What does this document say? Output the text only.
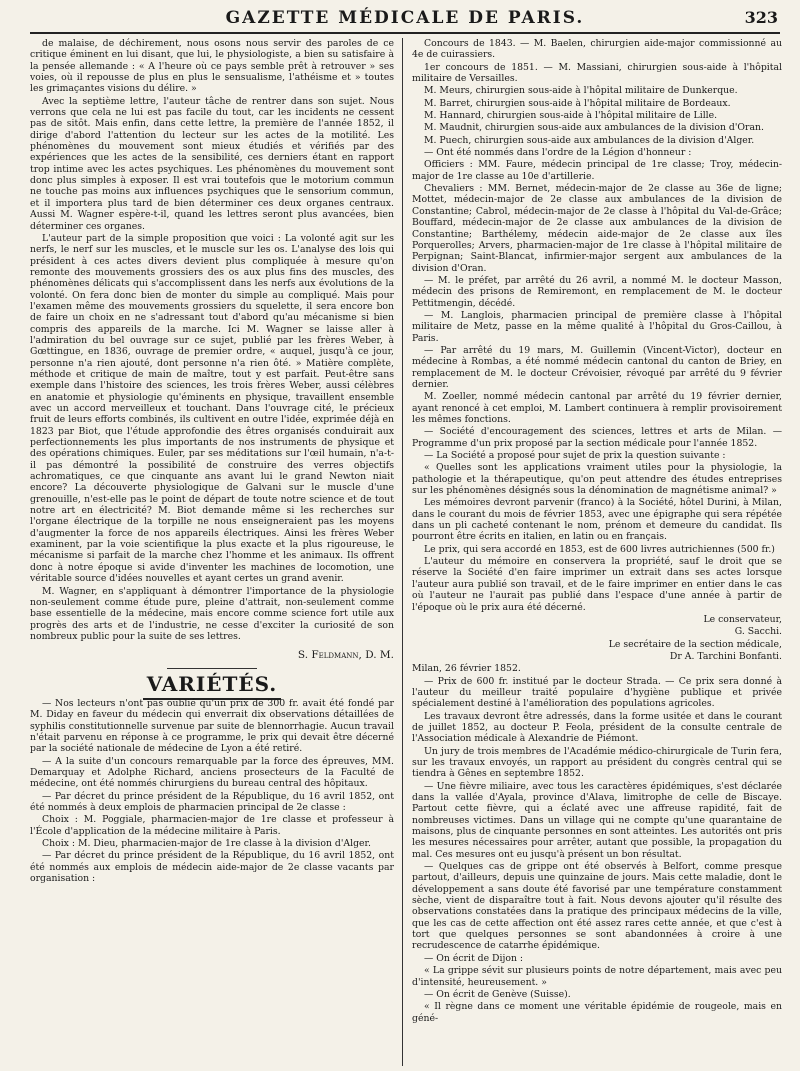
GAZETTE MÉDICALE DE PARIS.	323

de malaise, de déchirement, nous osons nous servir des paroles de ce critique éminent en lui disant, que lui, le physiologiste, a bien su satisfaire à la pensée allemande : « A l'heure où ce pays semble prêt à retrouver » ses voies, où il repousse de plus en plus le sensualisme, l'athéisme et » toutes les grimaçantes visions du délire. »

Avec la septième lettre, l'auteur tâche de rentrer dans son sujet. Nous verrons que cela ne lui est pas facile du tout, car les incidents ne cessent pas de sitôt. Mais enfin, dans cette lettre, la première de l'année 1852, il dirige d'abord l'attention du lecteur sur les actes de la motilité. Les phénomènes du mouvement sont mieux étudiés et vérifiés par des expériences que les actes de la sensibilité, ces derniers étant en rapport trop intime avec les actes psychiques. Les phénomènes du mouvement sont donc plus simples à exposer. Il est vrai toutefois que le motorium commun ne touche pas moins aux influences psychiques que le sensorium commun, et il importera plus tard de bien déterminer ces deux organes centraux. Aussi M. Wagner espère-t-il, quand les lettres seront plus avancées, bien déterminer ces organes.

L'auteur part de la simple proposition que voici : La volonté agit sur les nerfs, le nerf sur les muscles, et le muscle sur les os. L'analyse des lois qui président à ces actes divers devient plus compliquée à mesure qu'on remonte des mouvements grossiers des os aux plus fins des muscles, des phénomènes délicats qui s'accomplissent dans les nerfs aux évolutions de la volonté. On fera donc bien de monter du simple au compliqué. Mais pour l'examen même des mouvements grossiers du squelette, il sera encore bon de faire un choix en ne s'adressant tout d'abord qu'au mécanisme si bien compris des appareils de la marche. Ici M. Wagner se laisse aller à l'admiration du bel ouvrage sur ce sujet, publié par les frères Weber, à Gœttingue, en 1836, ouvrage de premier ordre, « auquel, jusqu'à ce jour, personne n'a rien ajouté, dont personne n'a rien ôté. » Matière complète, méthode et critique de main de maître, tout y est parfait. Peut-être sans exemple dans l'histoire des sciences, les trois frères Weber, aussi célèbres en anatomie et physiologie qu'éminents en physique, travaillent ensemble avec un accord merveilleux et touchant. Dans l'ouvrage cité, le précieux fruit de leurs efforts combinés, ils cultivent en outre l'idée, exprimée déjà en 1823 par Biot, que l'étude approfondie des êtres organisés conduirait aux perfectionnements les plus importants de nos instruments de physique et des opérations chimiques. Euler, par ses méditations sur l'œil humain, n'a-t-il pas démontré la possibilité de construire des verres objectifs achromatiques, ce que cinquante ans avant lui le grand Newton niait encore? La découverte physiologique de Galvani sur le muscle d'une grenouille, n'est-elle pas le point de départ de toute notre science et de tout notre art en électricité? M. Biot demande même si les recherches sur l'organe électrique de la torpille ne nous enseigneraient pas les moyens d'augmenter la force de nos appareils électriques. Ainsi les frères Weber examinent, par la voie scientifique la plus exacte et la plus rigoureuse, le mécanisme si parfait de la marche chez l'homme et les animaux. Ils offrent donc à notre époque si avide d'inventer les machines de locomotion, une véritable source d'idées nouvelles et ayant certes un grand avenir.

M. Wagner, en s'appliquant à démontrer l'importance de la physiologie non-seulement comme étude pure, pleine d'attrait, non-seulement comme base essentielle de la médecine, mais encore comme science fort utile aux progrès des arts et de l'industrie, ne cesse d'exciter la curiosité de son nombreux public pour la suite de ses lettres.

S. Feldmann, D. M.
VARIÉTÉS.

— Nos lecteurs n'ont pas oublié qu'un prix de 300 fr. avait été fondé par M. Diday en faveur du médecin qui enverrait dix observations détaillées de syphilis constitutionnelle survenue par suite de blennorrhagie. Aucun travail n'était parvenu en réponse à ce programme, le prix qui devait être décerné par la société nationale de médecine de Lyon a été retiré.

— A la suite d'un concours remarquable par la force des épreuves, MM. Demarquay et Adolphe Richard, anciens prosecteurs de la Faculté de médecine, ont été nommés chirurgiens du bureau central des hôpitaux.

— Par décret du prince président de la République, du 16 avril 1852, ont été nommés à deux emplois de pharmacien principal de 2e classe :

Choix : M. Poggiale, pharmacien-major de 1re classe et professeur à l'École d'application de la médecine militaire à Paris.

Choix : M. Dieu, pharmacien-major de 1re classe à la division d'Alger.

— Par décret du prince président de la République, du 16 avril 1852, ont été nommés aux emplois de médecin aide-major de 2e classe vacants par organisation :

Concours de 1843. — M. Baelen, chirurgien aide-major commissionné au 4e de cuirassiers.

1er concours de 1851. — M. Massiani, chirurgien sous-aide à l'hôpital militaire de Versailles.

M. Meurs, chirurgien sous-aide à l'hôpital militaire de Dunkerque.

M. Barret, chirurgien sous-aide à l'hôpital militaire de Bordeaux.

M. Hannard, chirurgien sous-aide à l'hôpital militaire de Lille.

M. Maudnit, chirurgien sous-aide aux ambulances de la division d'Oran.

M. Puech, chirurgien sous-aide aux ambulances de la division d'Alger.

— Ont été nommés dans l'ordre de la Légion d'honneur :

Officiers : MM. Faure, médecin principal de 1re classe; Troy, médecin-major de 1re classe au 10e d'artillerie.

Chevaliers : MM. Bernet, médecin-major de 2e classe au 36e de ligne; Mottet, médecin-major de 2e classe aux ambulances de la division de Constantine; Cabrol, médecin-major de 2e classe à l'hôpital du Val-de-Grâce; Bouffard, médecin-major de 2e classe aux ambulances de la division de Constantine; Barthélemy, médecin aide-major de 2e classe aux îles Porquerolles; Arvers, pharmacien-major de 1re classe à l'hôpital militaire de Perpignan; Saint-Blancat, infirmier-major sergent aux ambulances de la division d'Oran.

— M. le préfet, par arrêté du 26 avril, a nommé M. le docteur Masson, médecin des prisons de Remiremont, en remplacement de M. le docteur Pettitmengin, décédé.

— M. Langlois, pharmacien principal de première classe à l'hôpital militaire de Metz, passe en la même qualité à l'hôpital du Gros-Caillou, à Paris.

— Par arrêté du 19 mars, M. Guillemin (Vincent-Victor), docteur en médecine à Rombas, a été nommé médecin cantonal du canton de Briey, en remplacement de M. le docteur Crévoisier, révoqué par arrêté du 9 février dernier.

M. Zoeller, nommé médecin cantonal par arrêté du 19 février dernier, ayant renoncé à cet emploi, M. Lambert continuera à remplir provisoirement les mêmes fonctions.

— Société d'encouragement des sciences, lettres et arts de Milan. — Programme d'un prix proposé par la section médicale pour l'année 1852.

— La Société a proposé pour sujet de prix la question suivante :

« Quelles sont les applications vraiment utiles pour la physiologie, la pathologie et la thérapeutique, qu'on peut attendre des études entreprises sur les phénomènes désignés sous la dénomination de magnétisme animal? »

Les mémoires devront parvenir (franco) à la Société, hôtel Durini, à Milan, dans le courant du mois de février 1853, avec une épigraphe qui sera répétée dans un pli cacheté contenant le nom, prénom et demeure du candidat. Ils pourront être écrits en italien, en latin ou en français.

Le prix, qui sera accordé en 1853, est de 600 livres autrichiennes (500 fr.)

L'auteur du mémoire en conservera la propriété, sauf le droit que se réserve la Société d'en faire imprimer un extrait dans ses actes lorsque l'auteur aura publié son travail, et de le faire imprimer en entier dans le cas où l'auteur ne l'aurait pas publié dans l'espace d'une année à partir de l'époque où le prix aura été décerné.

Le conservateur,

G. Sacchi.

Le secrétaire de la section médicale,

Dr A. Tarchini Bonfanti.

Milan, 26 février 1852.

— Prix de 600 fr. institué par le docteur Strada. — Ce prix sera donné à l'auteur du meilleur traité populaire d'hygiène publique et privée spécialement destiné à l'amélioration des populations agricoles.

Les travaux devront être adressés, dans la forme usitée et dans le courant de juillet 1852, au docteur P. Feola, président de la consulte centrale de l'Association médicale à Alexandrie de Piémont.

Un jury de trois membres de l'Académie médico-chirurgicale de Turin fera, sur les travaux envoyés, un rapport au président du congrès central qui se tiendra à Gênes en septembre 1852.

— Une fièvre miliaire, avec tous les caractères épidémiques, s'est déclarée dans la vallée d'Ayala, province d'Alava, limitrophe de celle de Biscaye. Partout cette fièvre, qui a éclaté avec une affreuse rapidité, fait de nombreuses victimes. Dans un village qui ne compte qu'une quarantaine de maisons, plus de cinquante personnes en sont atteintes. Les autorités ont pris les mesures nécessaires pour arrêter, autant que possible, la propagation du mal. Ces mesures ont eu jusqu'à présent un bon résultat.

— Quelques cas de grippe ont été observés à Belfort, comme presque partout, d'ailleurs, depuis une quinzaine de jours. Mais cette maladie, dont le développement a sans doute été favorisé par une température constamment sèche, vient de disparaître tout à fait. Nous devons ajouter qu'il résulte des observations constatées dans la pratique des principaux médecins de la ville, que les cas de cette affection ont été assez rares cette année, et que c'est à tort que quelques personnes se sont abandonnées à croire à une recrudescence de catarrhe épidémique.

— On écrit de Dijon :

« La grippe sévit sur plusieurs points de notre département, mais avec peu d'intensité, heureusement. »

— On écrit de Genève (Suisse).

« Il règne dans ce moment une véritable épidémie de rougeole, mais en géné-
